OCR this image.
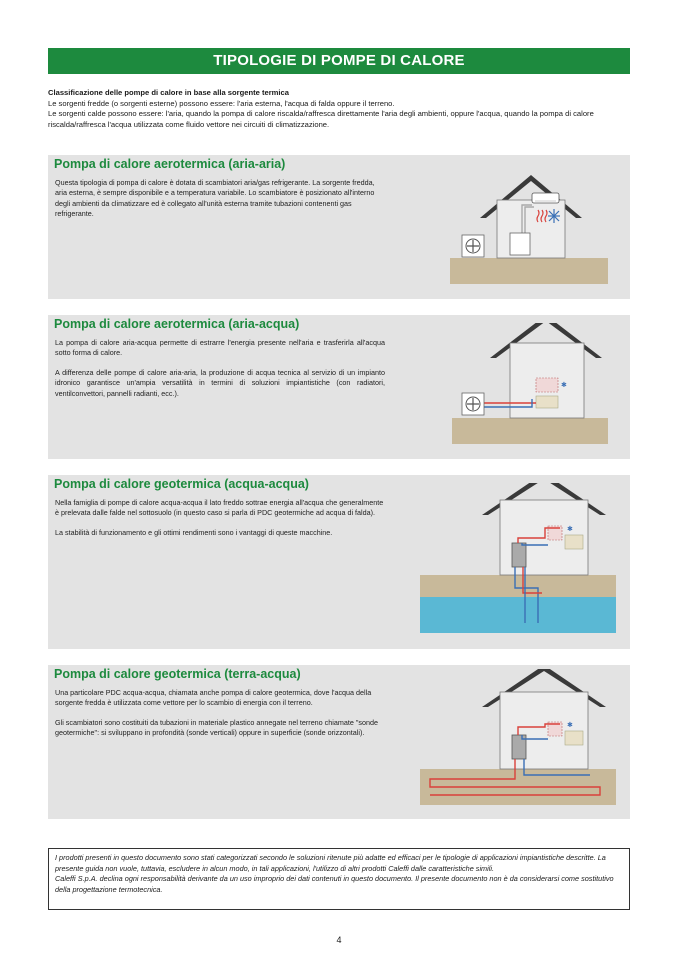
TIPOLOGIE DI POMPE DI CALORE
Classificazione delle pompe di calore in base alla sorgente termica
Le sorgenti fredde (o sorgenti esterne) possono essere: l'aria esterna, l'acqua di falda oppure il terreno.
Le sorgenti calde possono essere: l'aria, quando la pompa di calore riscalda/raffresca direttamente l'aria degli ambienti, oppure l'acqua, quando la pompa di calore riscalda/raffresca l'acqua utilizzata come fluido vettore nei circuiti di climatizzazione.
Pompa di calore aerotermica (aria-aria)

Questa tipologia di pompa di calore è dotata di scambiatori aria/gas refrigerante. La sorgente fredda, aria esterna, è sempre disponibile e a temperatura variabile. Lo scambiatore è posizionato all'interno degli ambienti da climatizzare ed è collegato all'unità esterna tramite tubazioni contenenti gas refrigerante.

Pompa di calore aerotermica (aria-acqua)

La pompa di calore aria-acqua permette di estrarre l'energia presente nell'aria e trasferirla all'acqua sotto forma di calore.

A differenza delle pompe di calore aria-aria, la produzione di acqua tecnica al servizio di un impianto idronico garantisce un'ampia versatilità in termini di soluzioni impiantistiche (con radiatori, ventilconvettori, pannelli radianti, ecc.).

✱
Pompa di calore geotermica (acqua-acqua)

Nella famiglia di pompe di calore acqua-acqua il lato freddo sottrae energia all'acqua che generalmente è prelevata dalle falde nel sottosuolo (in questo caso si parla di PDC geotermiche ad acqua di falda).

La stabilità di funzionamento e gli ottimi rendimenti sono i vantaggi di queste macchine.	✱
Pompa di calore geotermica (terra-acqua)

Una particolare PDC acqua-acqua, chiamata anche pompa di calore geotermica, dove l'acqua della sorgente fredda è utilizzata come vettore per lo scambio di energia con il terreno.

Gli scambiatori sono costituiti da tubazioni in materiale plastico annegate nel terreno chiamate "sonde geotermiche": si sviluppano in profondità (sonde verticali) oppure in superficie (sonde orizzontali).

✱
I prodotti presenti in questo documento sono stati categorizzati secondo le soluzioni ritenute più adatte ed efficaci per le tipologie di applicazioni impiantistiche descritte. La presente guida non vuole, tuttavia, escludere in alcun modo, in tali applicazioni, l'utilizzo di altri prodotti Caleffi dalle caratteristiche simili.
Caleffi S.p.A. declina ogni responsabilità derivante da un uso improprio dei dati contenuti in questo documento. Il presente documento non è da considerarsi come sostitutivo della progettazione termotecnica.
4
